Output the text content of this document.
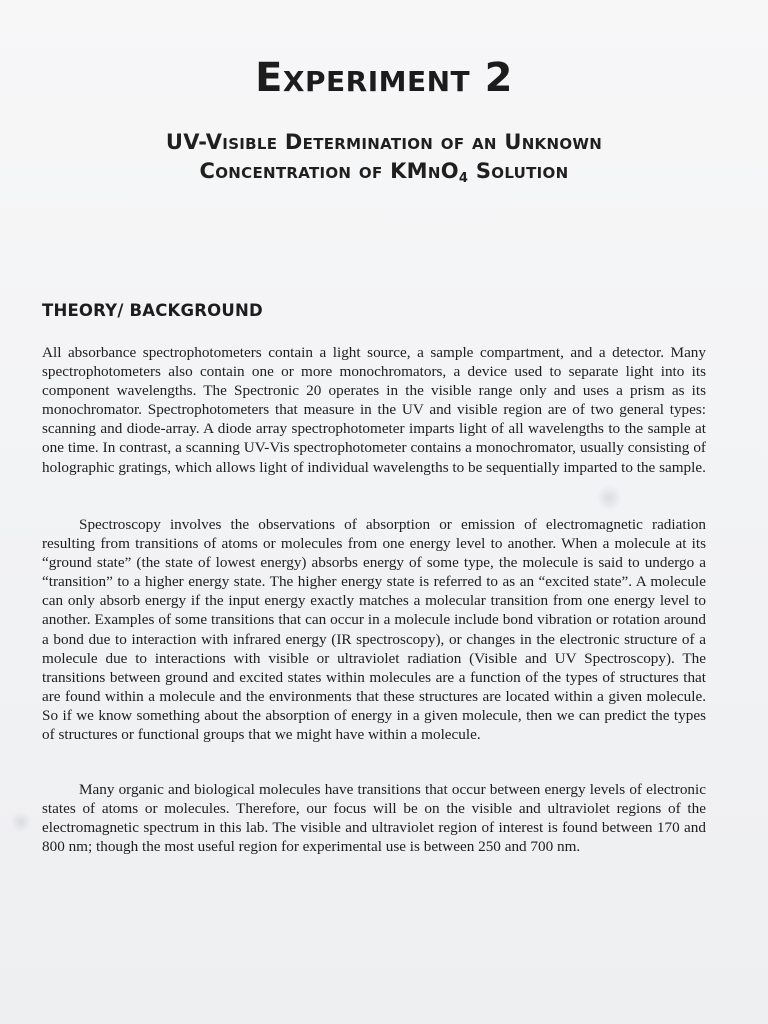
Experiment 2
UV-Visible Determination of an Unknown
Concentration of KMnO$_4$ Solution
THEORY/ BACKGROUND

All absorbance spectrophotometers contain a light source, a sample compartment, and a detector. Many spectrophotometers also contain one or more monochromators, a device used to separate light into its component wavelengths. The Spectronic 20 operates in the visible range only and uses a prism as its monochromator. Spectrophotometers that measure in the UV and visible region are of two general types: scanning and diode-array. A diode array spectrophotometer imparts light of all wavelengths to the sample at one time. In contrast, a scanning UV-Vis spectrophotometer contains a monochromator, usually consisting of holographic gratings, which allows light of individual wavelengths to be sequentially imparted to the sample.

Spectroscopy involves the observations of absorption or emission of electromagnetic radiation resulting from transitions of atoms or molecules from one energy level to another. When a molecule at its “ground state” (the state of lowest energy) absorbs energy of some type, the molecule is said to undergo a “transition” to a higher energy state. The higher energy state is referred to as an “excited state”. A molecule can only absorb energy if the input energy exactly matches a molecular transition from one energy level to another. Examples of some transitions that can occur in a molecule include bond vibration or rotation around a bond due to interaction with infrared energy (IR spectroscopy), or changes in the electronic structure of a molecule due to interactions with visible or ultraviolet radiation (Visible and UV Spectroscopy). The transitions between ground and excited states within molecules are a function of the types of structures that are found within a molecule and the environments that these structures are located within a given molecule. So if we know something about the absorption of energy in a given molecule, then we can predict the types of structures or functional groups that we might have within a molecule.

Many organic and biological molecules have transitions that occur between energy levels of electronic states of atoms or molecules. Therefore, our focus will be on the visible and ultraviolet regions of the electromagnetic spectrum in this lab. The visible and ultraviolet region of interest is found between 170 and 800 nm; though the most useful region for experimental use is between 250 and 700 nm.
